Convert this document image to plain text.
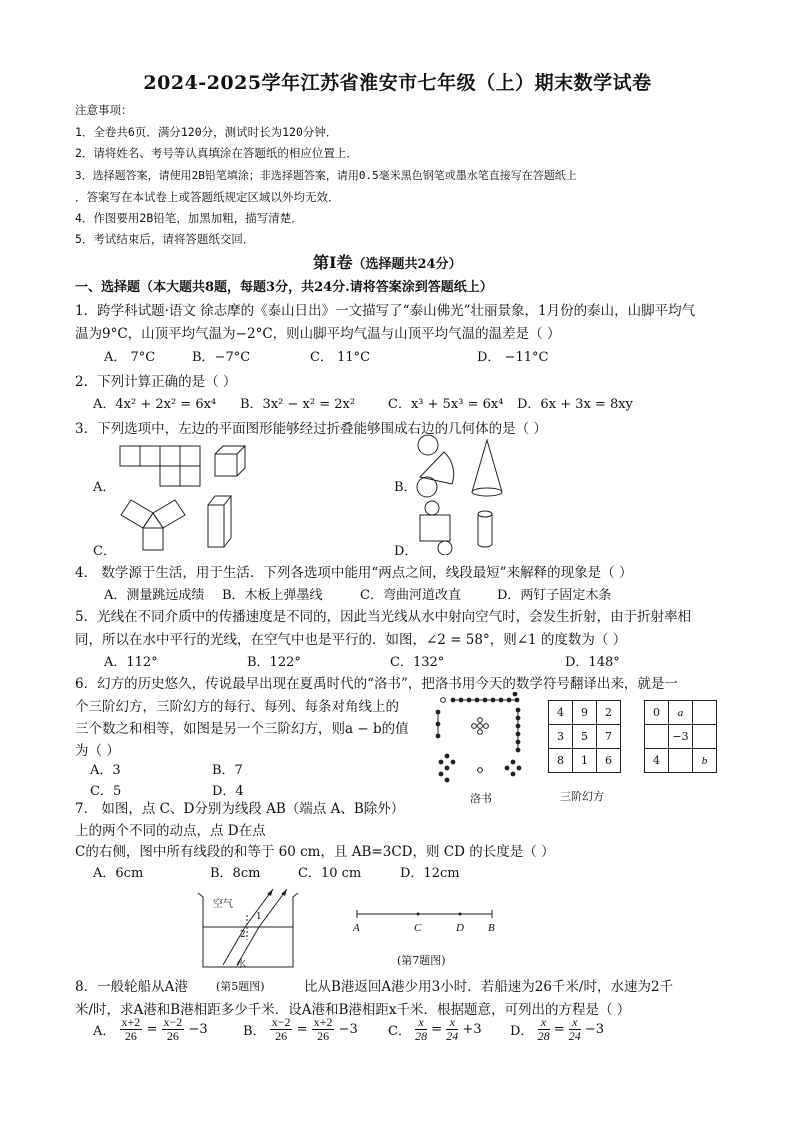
2024-2025学年江苏省淮安市七年级（上）期末数学试卷
注意事项：
1．全卷共6页．满分120分，测试时长为120分钟．
2．请将姓名、考号等认真填涂在答题纸的相应位置上．
3．选择题答案，请使用2B铅笔填涂；非选择题答案，请用0.5毫米黑色钢笔或墨水笔直接写在答题纸上
．答案写在本试卷上或答题纸规定区域以外均无效．
4．作图要用2B铅笔，加黑加粗，描写清楚．
5．考试结束后，请将答题纸交回．
第Ⅰ卷（选择题共24分）
一、选择题（本大题共8题，每题3分，共24分.请将答案涂到答题纸上）
1．跨学科试题·语文 徐志摩的《泰山日出》一文描写了“泰山佛光”壮丽景象，1月份的泰山，山脚平均气
温为9°C，山顶平均气温为−2°C，则山脚平均气温与山顶平均气温的温差是（ ）
A． 7°C	B．−7°C	C． 11°C	D． −11°C
2．下列计算正确的是（ ）
A．4x² + 2x² = 6x⁴ B．3x² − x² = 2x²	C．x³ + 5x³ = 6x⁴ D．6x + 3x = 8xy
3．下列选项中，左边的平面图形能够经过折叠能够围成右边的几何体的是（ ）
A．	B．
C．	D．
4． 数学源于生活，用于生活．下列各选项中能用“两点之间，线段最短”来解释的现象是（ ）
A．测量跳远成绩 B．木板上弹墨线	C．弯曲河道改直	D．两钉子固定木条
5．光线在不同介质中的传播速度是不同的，因此当光线从水中射向空气时，会发生折射，由于折射率相
同，所以在水中平行的光线，在空气中也是平行的．如图，∠2 = 58°，则∠1 的度数为（ ）
A．112°	B．122°	C．132°	D．148°
6．幻方的历史悠久，传说最早出现在夏禹时代的“洛书”，把洛书用今天的数学符号翻译出来，就是一
个三阶幻方，三阶幻方的每行、每列、每条对角线上的
三个数之和相等，如图是另一个三阶幻方，则a − b的值
为（ ）
A．3	B．7
C．5	D．4	洛书
4	9	2
3	5	7
8	1	6
三阶幻方
0	a	
	−3	
4		b
7． 如图，点 C、D分别为线段 AB（端点 A、B除外）
上的两个不同的动点，点 D在点
C的右侧，图中所有线段的和等于 60 cm，且 AB=3CD，则 CD 的长度是（ ）
A．6cm	B．8cm	C．10 cm	D．12cm
空气
水
1
2
(第5题图)
A	C	D B
(第7题图)
8．一般轮船从A港	比从B港返回A港少用3小时．若船速为26千米/时，水速为2千
米/时，求A港和B港相距多少千米．设A港和B港相距x千米．根据题意，可列出的方程是（ ）
A． $\frac{x+2}{26} = \frac{x-2}{26} -3$	B． $\frac{x-2}{26} = \frac{x+2}{26} -3$ C． $\frac{x}{28} = \frac{x}{24} +3$ D． $\frac{x}{28} = \frac{x}{24} -3$
